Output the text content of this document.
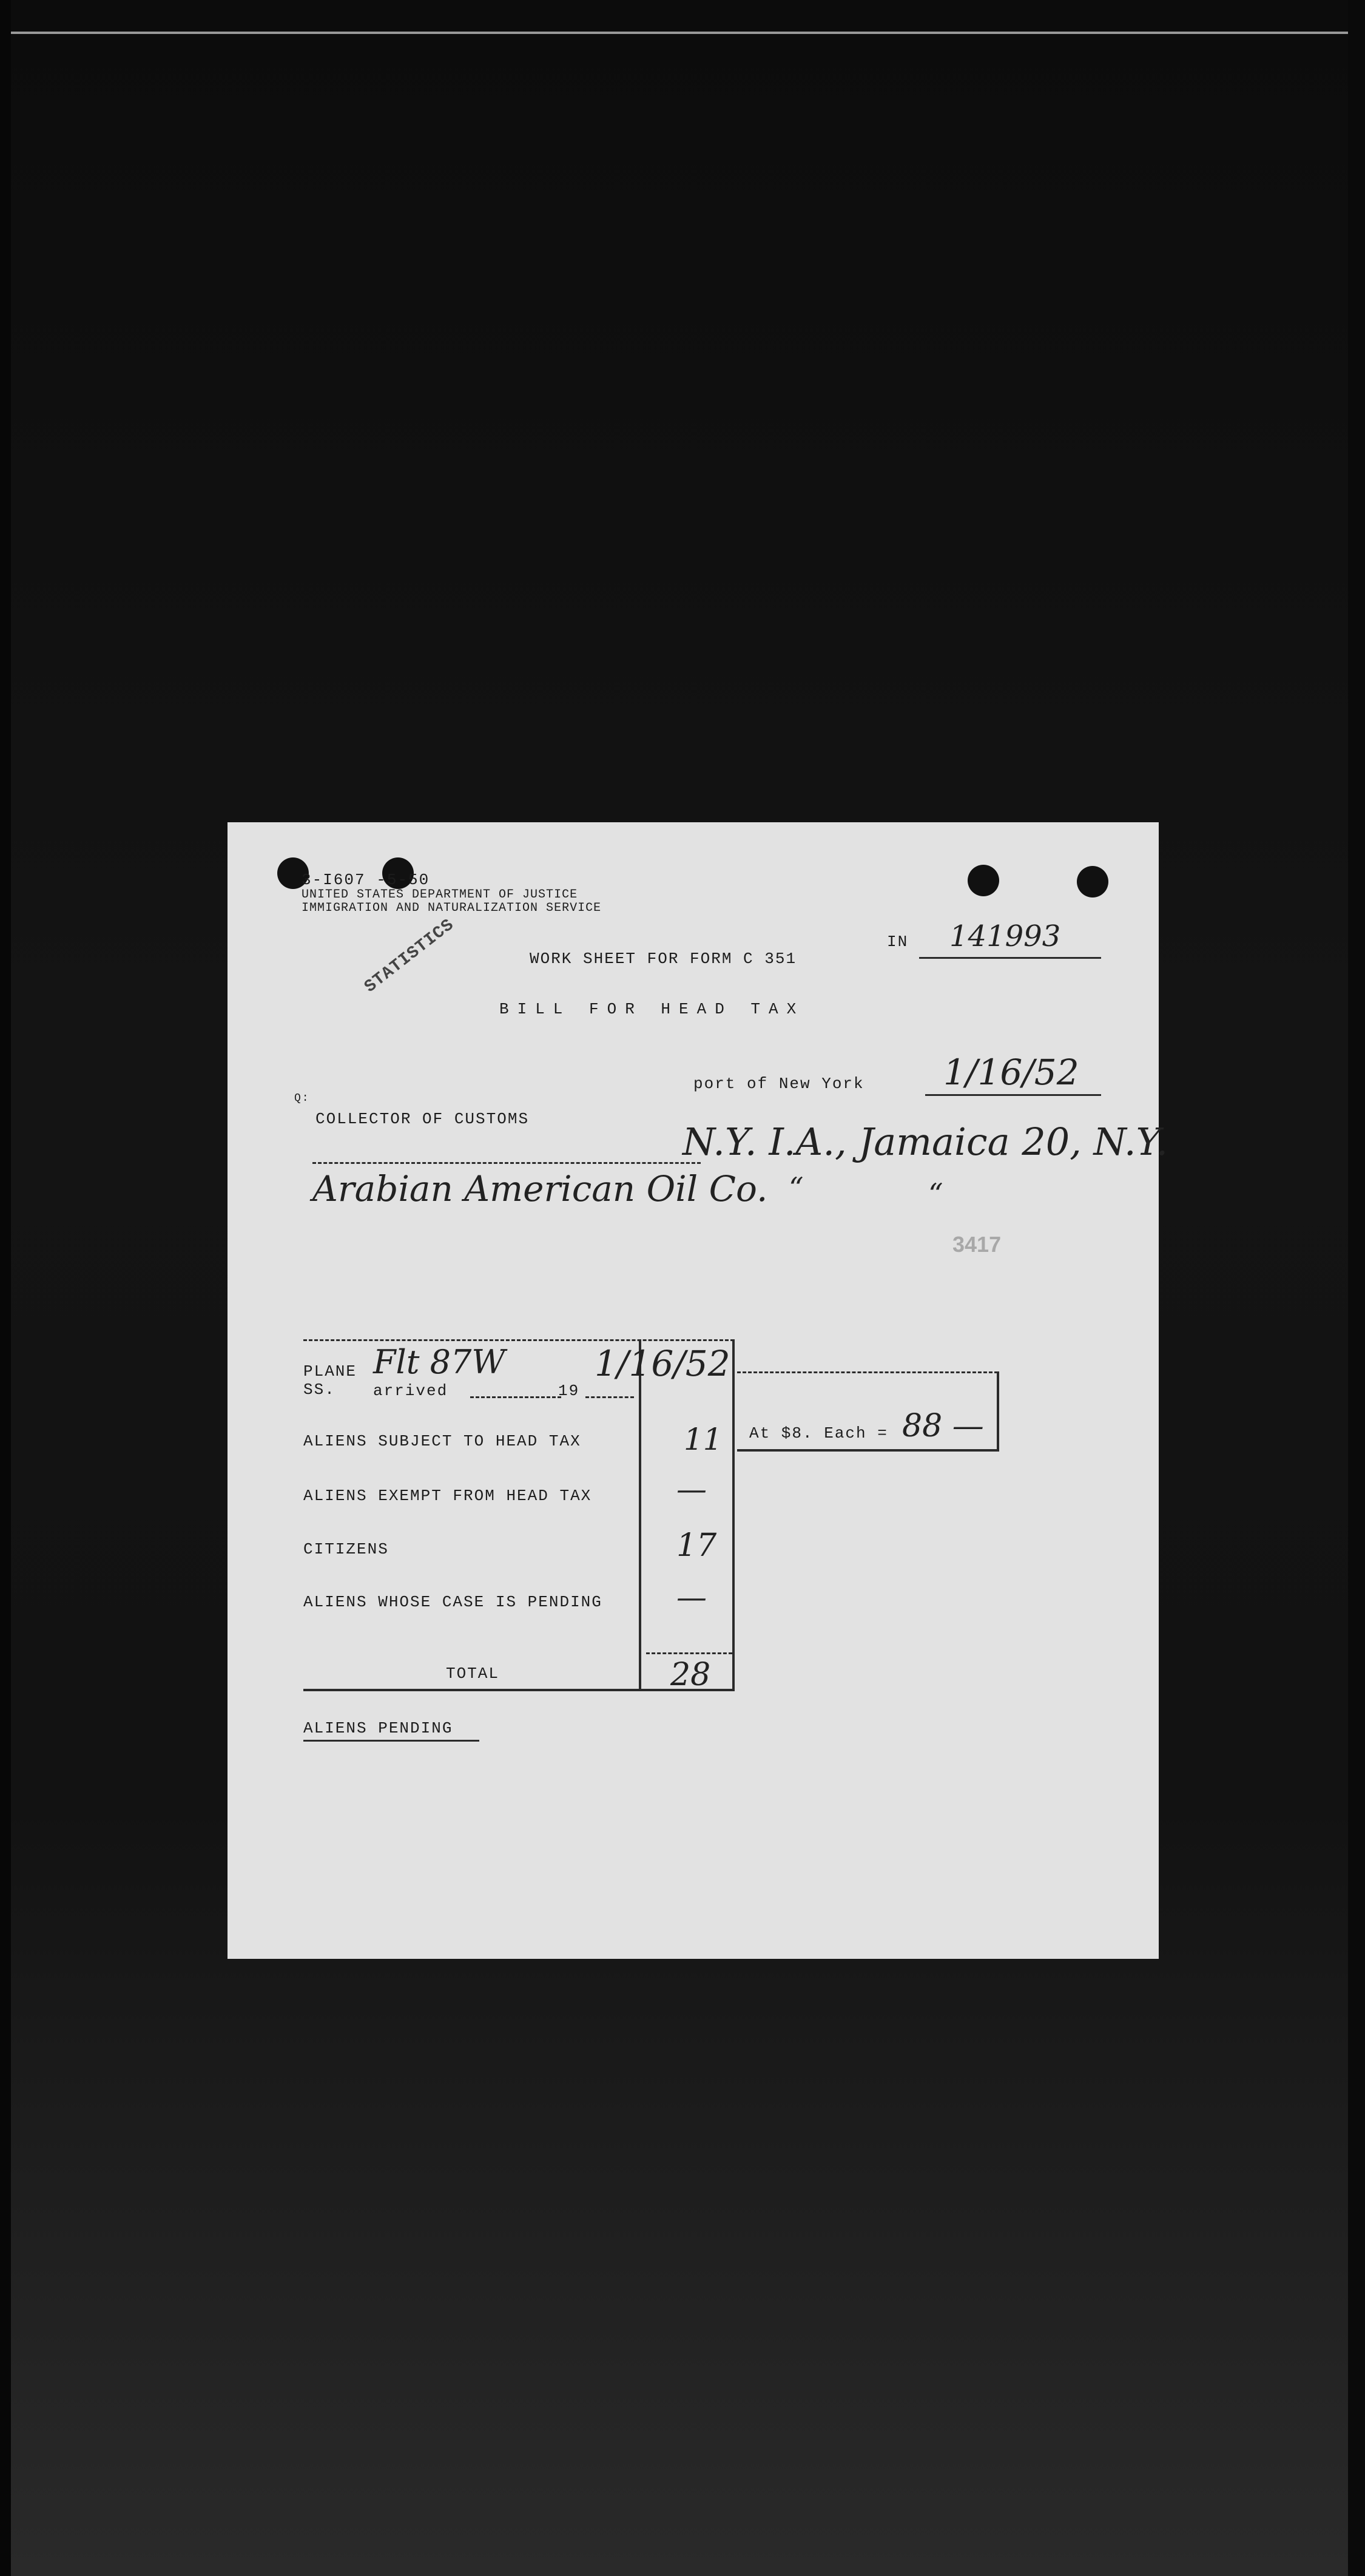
3-I607 -5-50
UNITED STATES DEPARTMENT OF JUSTICE
IMMIGRATION AND NATURALIZATION SERVICE
STATISTICS	IN 141993
WORK SHEET FOR FORM C 351
BILL FOR HEAD TAX
port of New York 1/16/52
Q:
COLLECTOR OF CUSTOMS
N.Y. I.A., Jamaica 20, N.Y.
Arabian American Oil Co. “	“
3417
PLANE
SS. arrived	19
Flt 87W	1/16/52
ALIENS SUBJECT TO HEAD TAX	11
ALIENS EXEMPT FROM HEAD TAX	—
CITIZENS	17
ALIENS WHOSE CASE IS PENDING —
TOTAL	28
At $8. Each = 88 —
ALIENS PENDING
